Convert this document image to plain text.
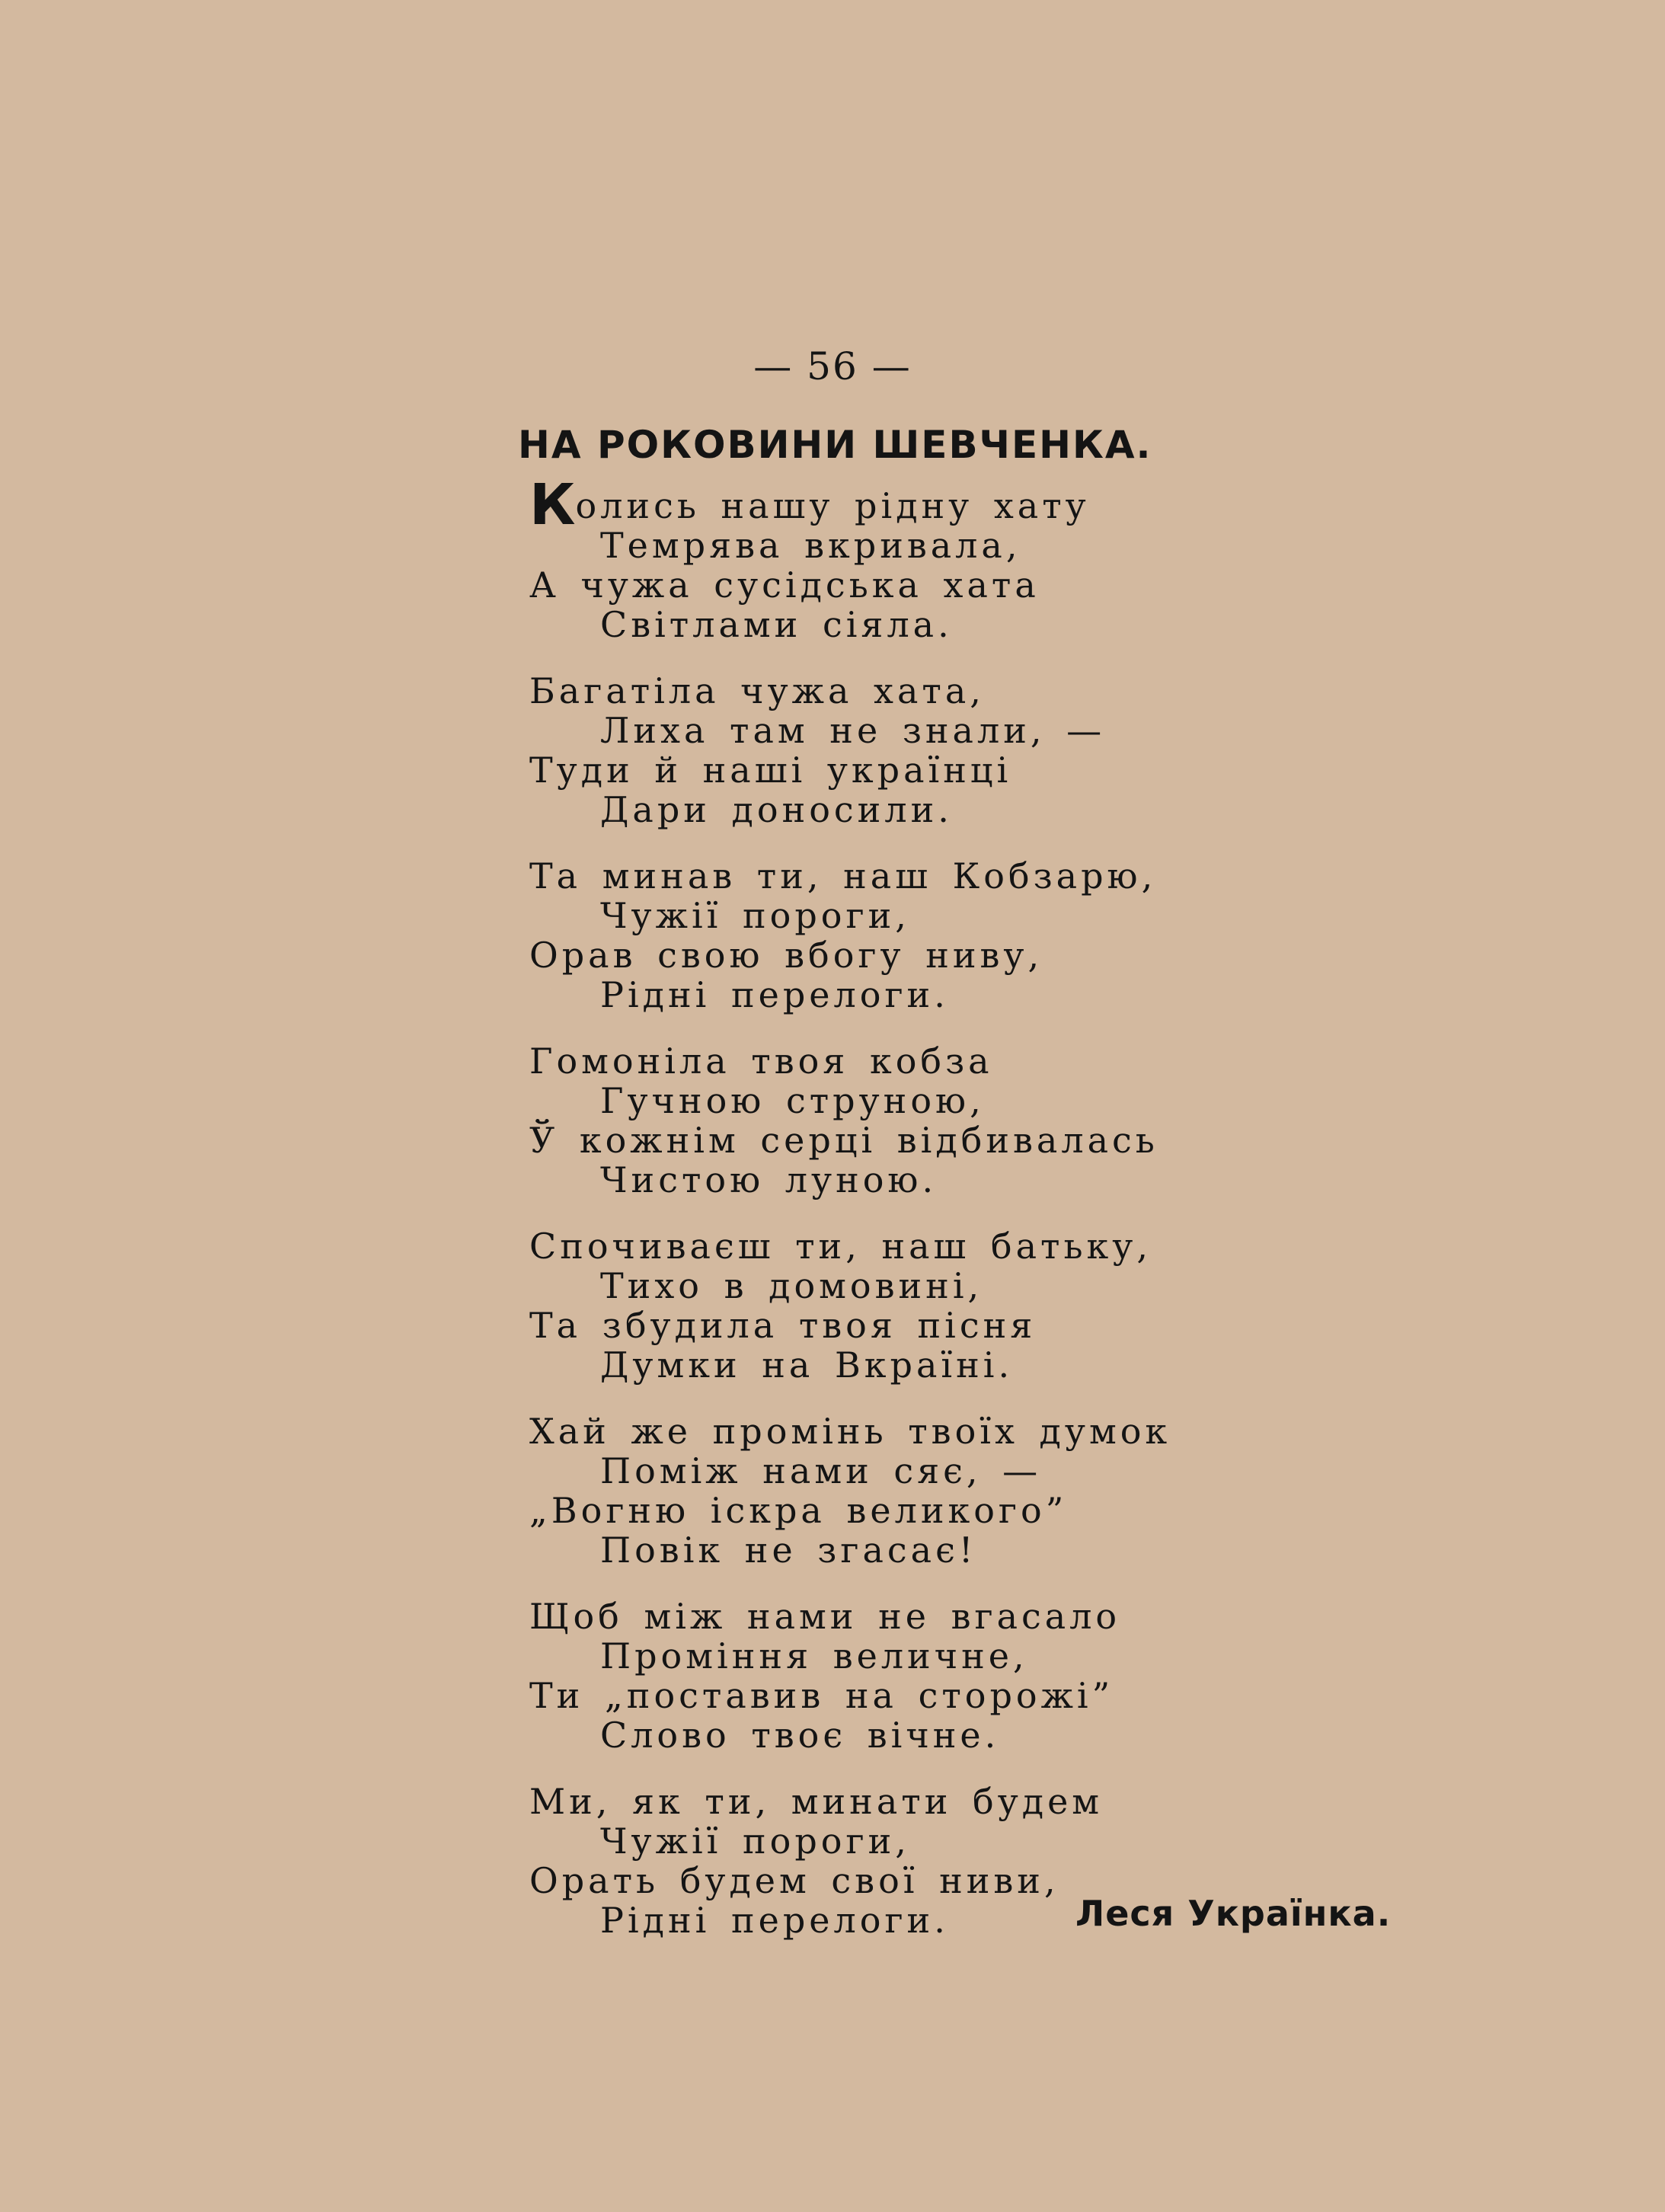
— 56 —
НА РОКОВИНИ ШЕВЧЕНКА.
Колись нашу рідну хату
Темрява вкривала,
А чужа сусідська хата
Світлами сіяла.
Багатіла чужа хата,
Лиха там не знали, —
Туди й наші українці
Дари доносили.
Та минав ти, наш Кобзарю,
Чужії пороги,
Орав свою вбогу ниву,
Рідні перелоги.
Гомоніла твоя кобза
Гучною струною,
Ў кожнім серці відбивалась
Чистою луною.
Спочиваєш ти, наш батьку,
Тихо в домовині,
Та збудила твоя пісня
Думки на Вкраїні.
Хай же промінь твоїх думок
Поміж нами сяє, —
„Вогню іскра великого”
Повік не згасає!
Щоб між нами не вгасало
Проміння величне,
Ти „поставив на сторожі”
Слово твоє вічне.
Ми, як ти, минати будем
Чужії пороги,
Орать будем свої ниви,
Рідні перелоги.	Леся Українка.
